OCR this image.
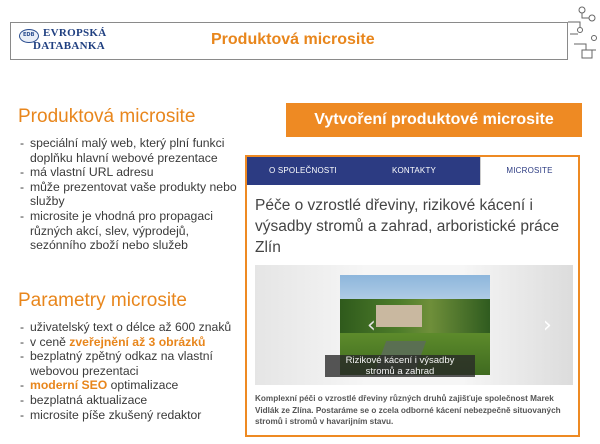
EDB EVROPSKÁ
DATABANKA	Produktová microsite
Produktová microsite
- speciální malý web, který plní funkci doplňku hlavní webové prezentace
- má vlastní URL adresu
- může prezentovat vaše produkty nebo služby
- microsite je vhodná pro propagaci různých akcí, slev, výprodejů, sezónního zboží nebo služeb
Parametry microsite
- uživatelský text o délce až 600 znaků
- v ceně zveřejnění až 3 obrázků
- bezplatný zpětný odkaz na vlastní webovou prezentaci
- moderní SEO optimalizace
- bezplatná aktualizace
- microsite píše zkušený redaktor
Vytvoření produktové microsite
O SPOLEČNOSTI	KONTAKTY	MICROSITE
Péče o vzrostlé dřeviny, rizikové kácení i výsadby stromů a zahrad, arboristické práce Zlín
Rizikové kácení i výsadby stromů a zahrad
‹	›
Komplexní péči o vzrostlé dřeviny různých druhů zajišťuje společnost Marek Vidlák ze Zlína. Postaráme se o zcela odborné kácení nebezpečně situovaných stromů i stromů v havarijním stavu.
